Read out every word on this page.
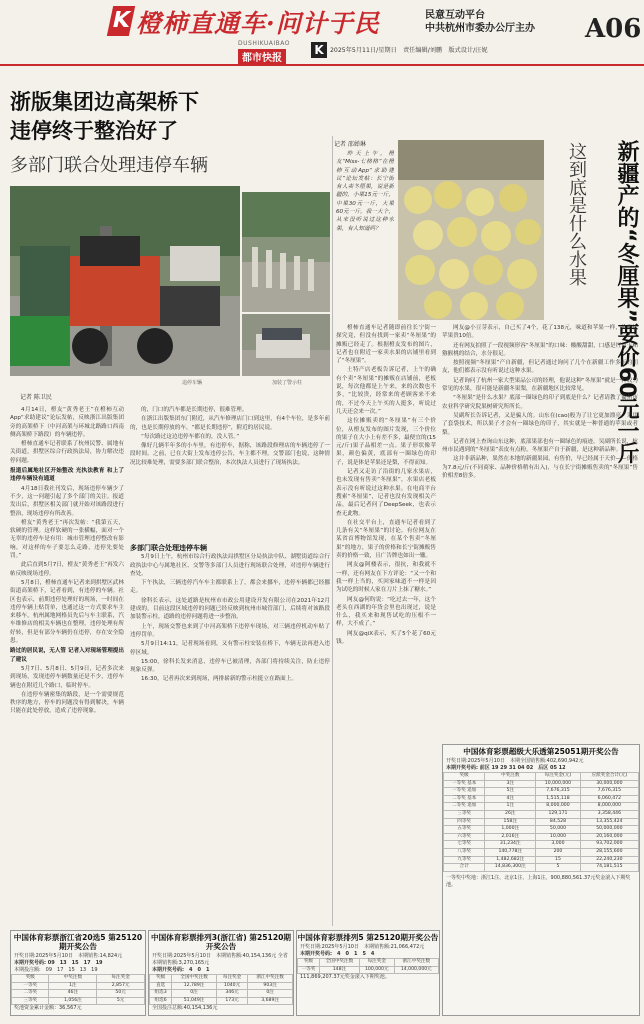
K 橙柿直通车·问计于民	民意互动平台
中共杭州市委办公厅主办 A06
DUSHIKUAIBAO
都市快报
K	2025年5月11日/星期日　责任编辑/刘鹏　版式设计/汪妮
浙版集团边高架桥下
违停终于整治好了
多部门联合处理违停车辆
违停车辆	加装了警示柱
记者 陈卫民

4月14日，橙友“黄秀老王”在橙柿互动App“求助建议”论坛发帖，反映浙江出版集团旁的高架桥下（中河高架与环城北路路口西南侧高架桥下路段）的车辆违停。

橙柿直通车记者联系了杭州民警、属地有关街道，拱墅区综合行政执法局，协力解决违停问题。

报道后属地社区开始整改 光执法教育 和上了违停车辆设有通道

4月18日我社刊发后，现场违停车辆少了不少，这一问题引起了多个部门的关注。报道发出后，拱墅区相关部门就开始对该路段进行整治，现场违停有所改善。

橙友“黄秀老王”再次发帖：“我第五天，软硬的管理。这样软硬的一张横幅，面对一个无辜的违停车是有用：城市管理违停整改有影响，对这样的车子要怎么走路，违停先要处罚。”

此后直到5月7日，橙友“黄秀老王”再发六帖反映现场违停。

5月8日，橙柿直通车记者来到拱墅区武林街道高架桥下，记者看到，有违停的车辆。社区也表示，前期违停处理好的现场，一时间在违停车辆上贴罚单，也通过这一方式要求车主来移车，杭州属地网格员先后与车主联系，汽车维修店的相关车辆也在整理，违停处理有所好转，但是有部分车辆仍在违停，存在安全隐患。

路过的居民说，无人管 记者入对现场管理提出了建议

5月7日、5月8日、5月9日，记者多次来到现场，发现违停车辆数量还是不少，违停车辆也在附近几个路口，临时停车。

在违停车辆密集的路段，是一个需要规范秩序的地方，停车的问题没有得到解决，车辆只能在此处停放，造成了违停现象。

的，门口的汽车都是长期违停，很难管理。

在浙江出版集团东门附近，从汽车修理店门口到这里，有4个车位，是多年前的，也是长期停放的车，“都是长期违停”，附近的居民说。

“每次路过这边违停车都在的，没人管。”

像好几辆半年多的小车里，有违停车，据称，该路段修理店的车辆违停了一段时间。之前，已在大街上发布违停公告，车主都不理。交警部门也说，这种情况比较难处理，需要多部门联合整治，本次执法人员进行了现场执法。

多部门联合处理违停车辆

5月9日上午，杭州市综合行政执法局拱墅区分局执法中队、湖墅街道综合行政执法中心与属地社区、交警等多部门人员进行现场联合处理，对违停车辆进行查处。

下午执法，三辆违停汽车车主都联系上了，都会来挪车，违停车辆都已经挪走。

徐科长表示，这处道路是杭州市市政公用建设开发有限公司在2021年12月建成的，目前这段区域违停的问题已经反映到杭州市城管部门，后续将对该路段加装警示柱，道路的违停问题将进一步整治。

上午，现场交警也来到了中河高架桥下违停车现场，对三辆违停机动车贴了违停罚单。

5月9日14:11，记者现场看到，又有警示柱安装在桥下，车辆无法再进入违停区域。

15:00，徐科长发来消息，违停车已被清理，各部门将持续关注，防止违停现象反弹。

16:30，记者再次来到现场，两排崭新的警示柱挺立在路面上。

记者 邵婵琳	新疆产的“冬厘果”要价60元一斤
这到底是什么水果

昨天上午，橙友“Miss-七格格”在橙柿互动App“求助建议”论坛发帖：长宁街有人卖冬厘果，说是新疆的，小果15元一斤，中果30元一斤，大果60元一斤，我一大个，从来没听说过这种水果，有人知道吗？

橙柿直通车记者随即前往长宁街一探究竟，但没有找到一家卖“冬厘果”的摊贩已经走了。根据橙友发布的图片，记者也在附近一家卖水果的店铺里看到了“冬厘果”。

土特产店老板告诉记者，上午的确有个卖“冬厘果”的摊贩在店铺前，老板说，每次他都是上午来，来的次数也不多，“比较贵，经常来的老顾客来不来的，不过今天上午买的人挺多，听说过几天还会来一次。”

这位摊贩卖的“冬厘果”有三个价位，从橙友发布的图片发现，三个价位的果子在大小上有差不多，最便宜的(15元/斤)果子品相差一点。果子形状像苹果，颜色偏黄，底部有一圈绿色的印子，说是体是苹果还是梨，不得而知。

记者又走访了沿街的几家水果店，也未发现有售卖“冬厘果”，水果店老板表示没有听说过这种水果。在电商平台搜索“冬厘果”，记者也没有发现相关产品，最后记者问了DeepSeek，也表示查无此物。

在社交平台上，直通车记者看到了几条有关“冬厘果”的讨论。有位网友在某省首博物馆发现，在某个售卖“冬厘果”的地方，果子的价格和长宁街摊贩售卖的价格一致，且广告牌也如出一辙。

网友@阿楼表示，很抗，和我就不一样，还有网友在下方评论：“又一个和我一样上当的，买回家味道不一样是因为试吃的时候人家在刀片上抹了糖水。”

网友@何昀说：“吃过去一年，这个老头在西湖的年货会里也出现过，说是什么，我买来和现售试吃的压根不一样，大不成了。”

网友@qiX表示，买了5个花了60元钱。

网友@小豆芽表示，自己买了4个，花了138元，味道和苹果一样，价格比苹果贵10倍。

还有网友拍照了一段视频形容“冬厘果”的口味：酸酸甜甜，口感是红富士和猕猴桃的结合，水分很足。

按照视频“冬厘果”产自新疆，但记者通过询问了几个在新疆工作多年的朋友，他们都表示没有听说过这种水果。

记者询问了杭州一家大型果品公司的经理，他说这种“冬厘果”就是一种较为常见的水果，很可能是新疆冬果梨，在新疆地区比较常见。

“冬厘果”是什么水果？底部一圈绿色的印子到底是什么？记者请教了衢州市农业科学研究院果树研究所所长。

吴副所长告诉记者，又是骗人的。山东在(cao)般为了让它更加漂亮，采用了套袋技术，所以果子才会有一圈绿色的印子，其实就是一种普通的苹果或者梨。

记者在网上查询山东这种，底部果部也有一圈绿色的痕迹。吴副所长说，杭州市民遇到的“冬厘果”表皮有点粉，冬厘果产自于新疆，是这种新品种。

这并非新品种，果然在本地的新疆果园，有售价，早已经属于天价——价格为7.8元/斤(不同商家、品种价格稍有出入)，与在长宁街摊贩售卖的“冬厘果”售价相差8倍多。

中国体育彩票超级大乐透第25051期开奖公告
开奖日期:2025年5月10日　本期全国销售额:402,690,942元
本期开奖号码: 前区 19 29 31 04 02　后区 05 12
奖级	中奖注数	每注奖金(元)	应派奖金合计(元)
一等奖 基本	3注	10,000,000	30,000,000
一等奖 追加	5注	7,676,315	7,676,315
二等奖 基本	4注	1,515,118	6,060,472
二等奖 追加	1注	8,000,000	8,000,000
三等奖	26注	129,171	3,358,446
四等奖	158注	84,528	13,355,424
五等奖	1,000注	50,000	50,000,000
六等奖	2,016注	10,000	20,160,000
七等奖	31,234注	3,000	93,702,000
八等奖	140,778注	200	28,155,600
九等奖	1,482,682注	15	22,240,230
合计	14,836,300注	5	74,181,515
一等奖中奖地：浙江1注、北京1注、上海1注。900,880,561.37元奖金滚入下期奖池。
中国体育彩票浙江省20选5 第25120期开奖公告
开奖日期:2025年5月10日　本期销售:14,824元
本期开奖号码: 09　13　15　17　19
本期投注额:　09　17　15　13　19
奖级	中奖注数	每注奖金
一等奖	1注	2,857元
二等奖	46注	50元
三等奖	1,056注	5元
奖池资金累计金额：36,567元
中国体育彩票排列3(浙江省) 第25120期开奖公告
开奖日期:2025年5月10日　本期销售额:40,154,136元 全省本期销售额:3,270,165元
本期开奖号码:　4　0　1
奖级	全国中奖注数	每注奖金	浙江中奖注数
直选	12,789注	1040元	903注
组选3	0注	346元	0注
组选6	51,049注	173元	3,689注
全国投注总额:40,154,136元
中国体育彩票排列5 第25120期开奖公告
开奖日期:2025年5月10日　本期销售额:21,066,472元
本期开奖号码:　4　0　1　5　4
奖级	全国中奖注数	每注奖金	浙江中奖注数
一等奖	148注	100,000元	14,000,000元
111,869,207.37元奖金滚入下期奖池。
